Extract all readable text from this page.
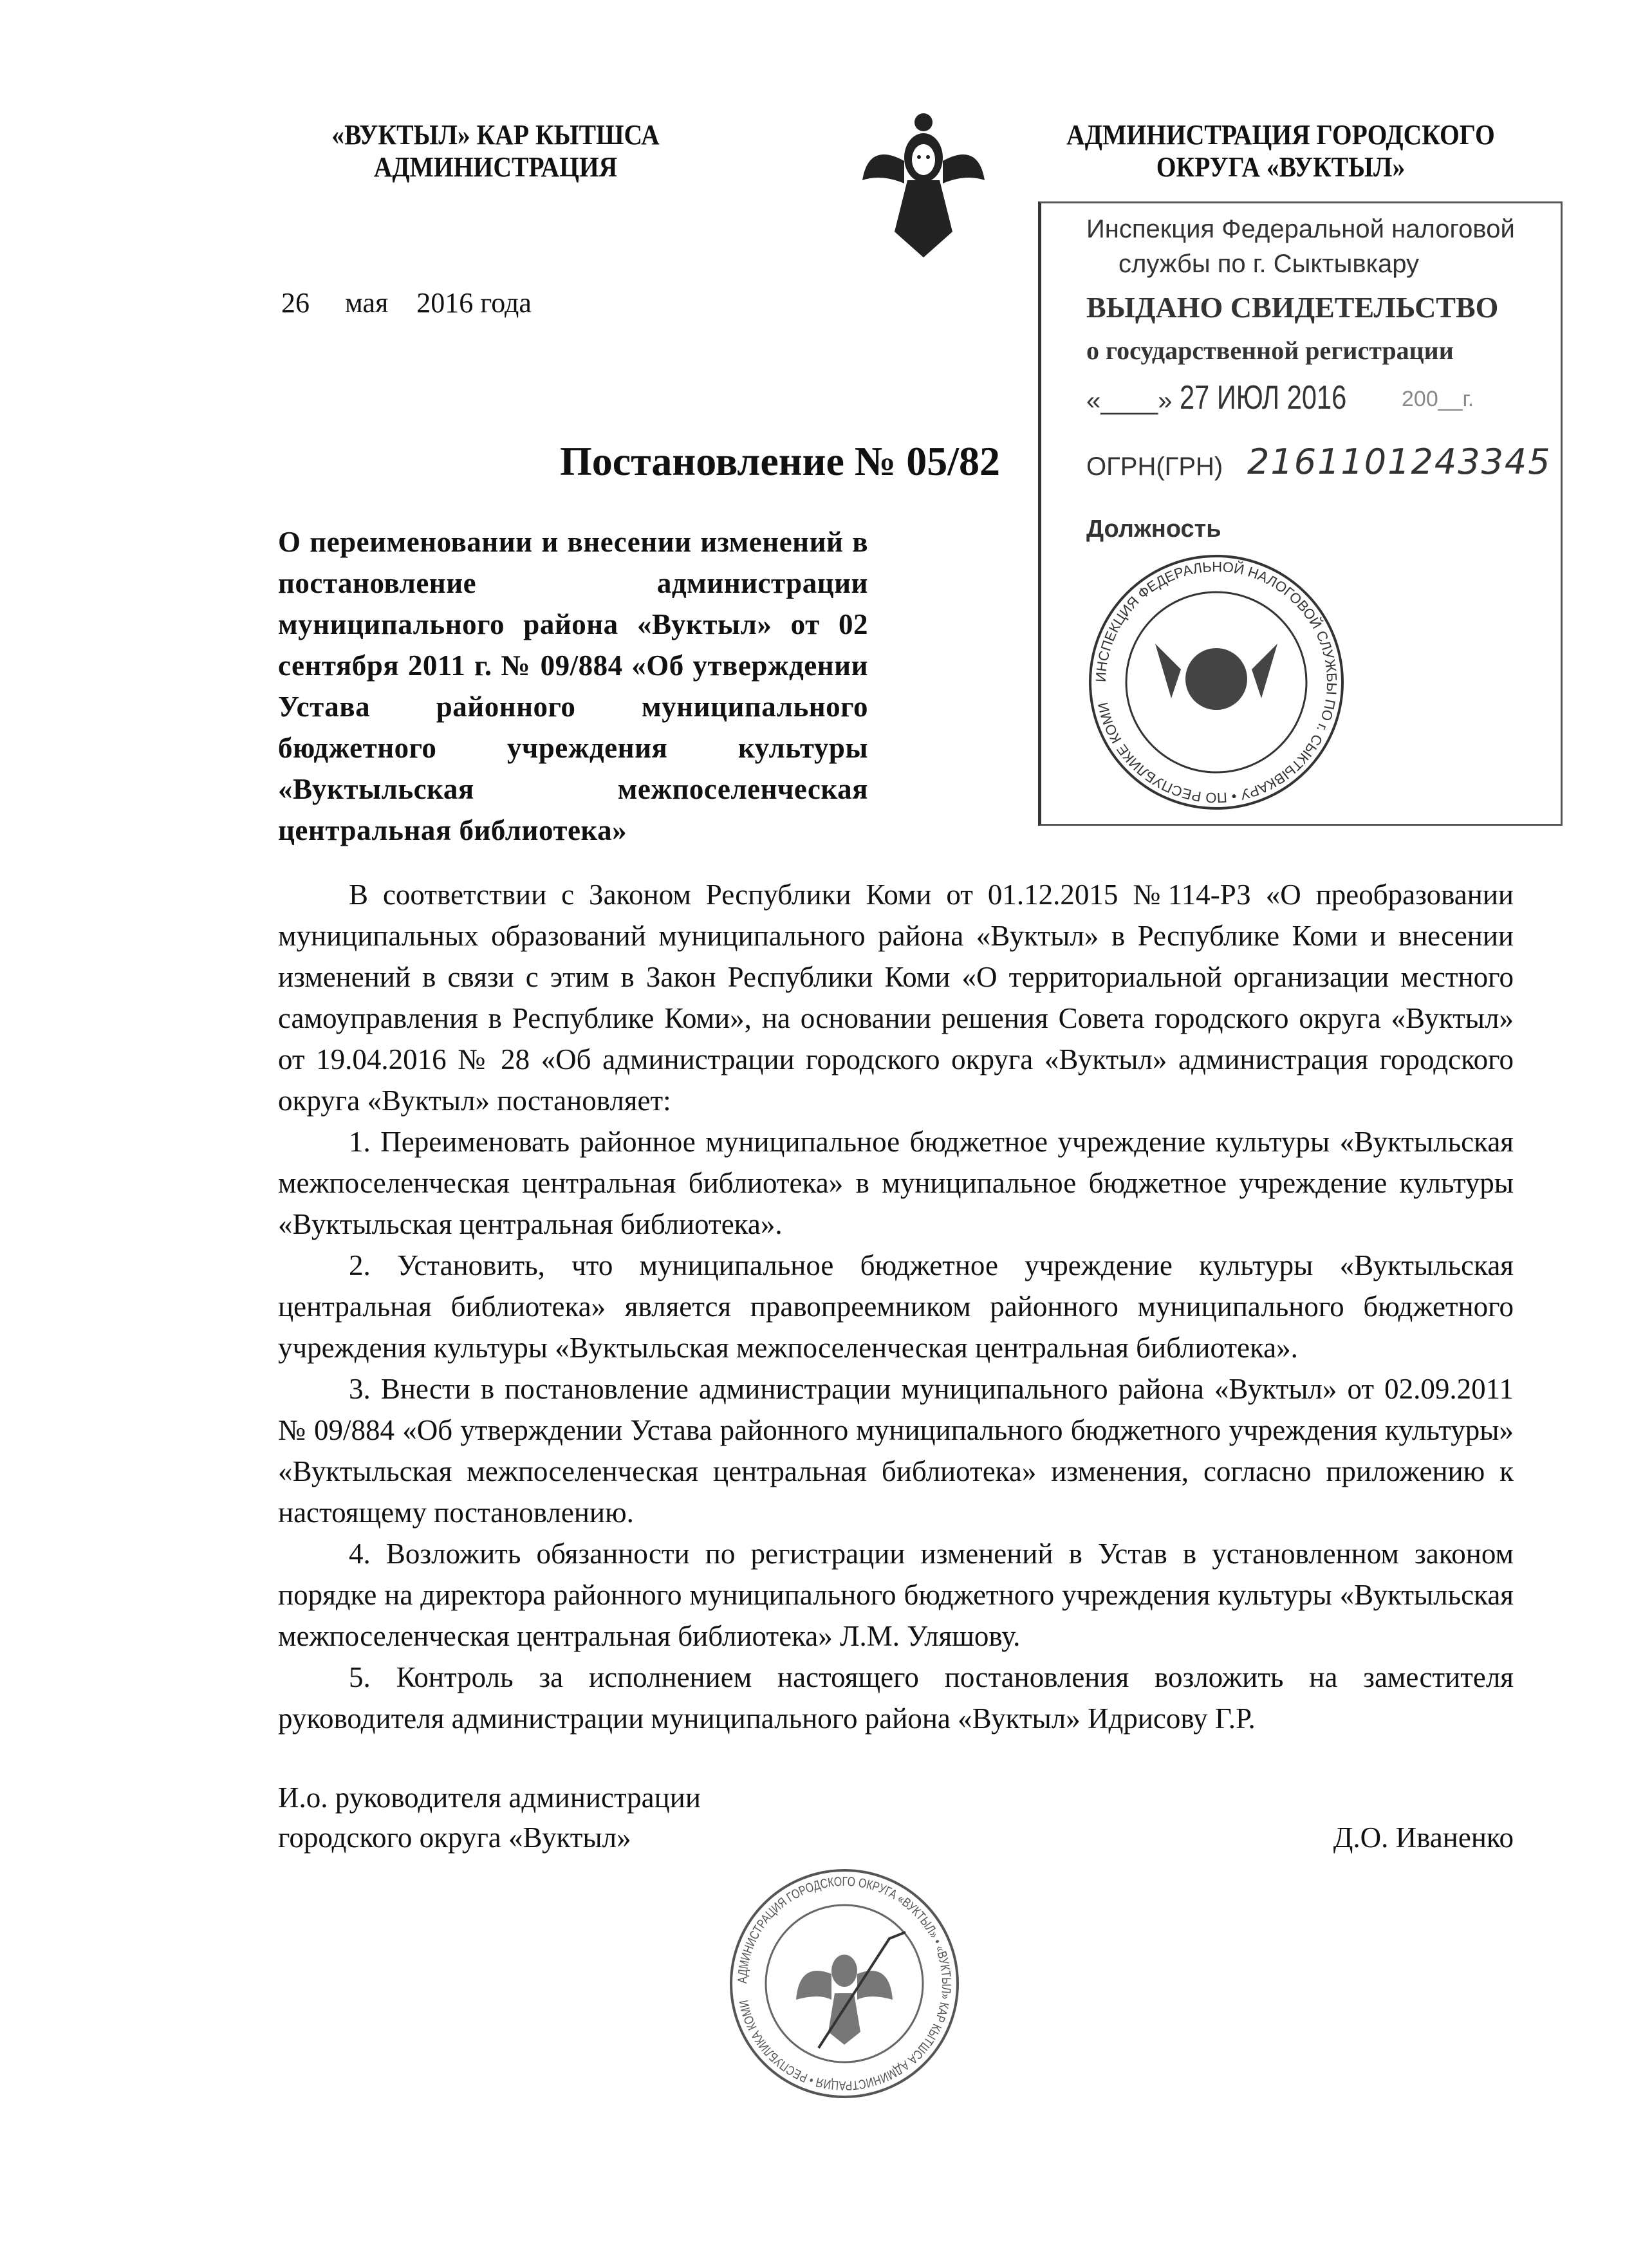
«ВУКТЫЛ» КАР КЫТШСА
АДМИНИСТРАЦИЯ
АДМИНИСТРАЦИЯ ГОРОДСКОГО
ОКРУГА «ВУКТЫЛ»
26     мая    2016 года
Инспекция Федеральной налоговой
службы по г. Сыктывкару
ВЫДАНО СВИДЕТЕЛЬСТВО
о государственной регистрации
«____» 27 ИЮЛ 2016	200__г.
ОГРН(ГРН) 2161101243345
Должность
ИНСПЕКЦИЯ ФЕДЕРАЛЬНОЙ НАЛОГОВОЙ СЛУЖБЫ ПО г. СЫКТЫВКАРУ • ПО РЕСПУБЛИКЕ КОМИ
Постановление № 05/82
О переименовании и внесении изменений в постановление администрации муниципального района «Вуктыл» от 02 сентября 2011 г. № 09/884 «Об утверждении Устава районного муниципального бюджетного учреждения культуры «Вуктыльская межпоселенческая центральная библиотека»

В соответствии с Законом Республики Коми от 01.12.2015 №114-РЗ «О преобразовании муниципальных образований муниципального района «Вуктыл» в Республике Коми и внесении изменений в связи с этим в Закон Республики Коми «О территориальной организации местного самоуправления в Республике Коми», на основании решения Совета городского округа «Вуктыл» от 19.04.2016 № 28 «Об администрации городского округа «Вуктыл» администрация городского округа «Вуктыл» постановляет:

1. Переименовать районное муниципальное бюджетное учреждение культуры «Вуктыльская межпоселенческая центральная библиотека» в муниципальное бюджетное учреждение культуры «Вуктыльская центральная библиотека».

2. Установить, что муниципальное бюджетное учреждение культуры «Вуктыльская центральная библиотека» является правопреемником районного муниципального бюджетного учреждения культуры «Вуктыльская межпоселенческая центральная библиотека».

3. Внести в постановление администрации муниципального района «Вуктыл» от 02.09.2011 № 09/884 «Об утверждении Устава районного муниципального бюджетного учреждения культуры» «Вуктыльская межпоселенческая центральная библиотека» изменения, согласно приложению к настоящему постановлению.

4. Возложить обязанности по регистрации изменений в Устав в установленном законом порядке на директора районного муниципального бюджетного учреждения культуры «Вуктыльская межпоселенческая центральная библиотека» Л.М. Уляшову.

5. Контроль за исполнением настоящего постановления возложить на заместителя руководителя администрации муниципального района «Вуктыл» Идрисову Г.Р.

И.о. руководителя администрации
городского округа «Вуктыл»	Д.О. Иваненко
АДМИНИСТРАЦИЯ ГОРОДСКОГО ОКРУГА «ВУКТЫЛ» • «ВУКТЫЛ» КАР КЫТШСА АДМИНИСТРАЦИЯ • РЕСПУБЛИКА КОМИ
